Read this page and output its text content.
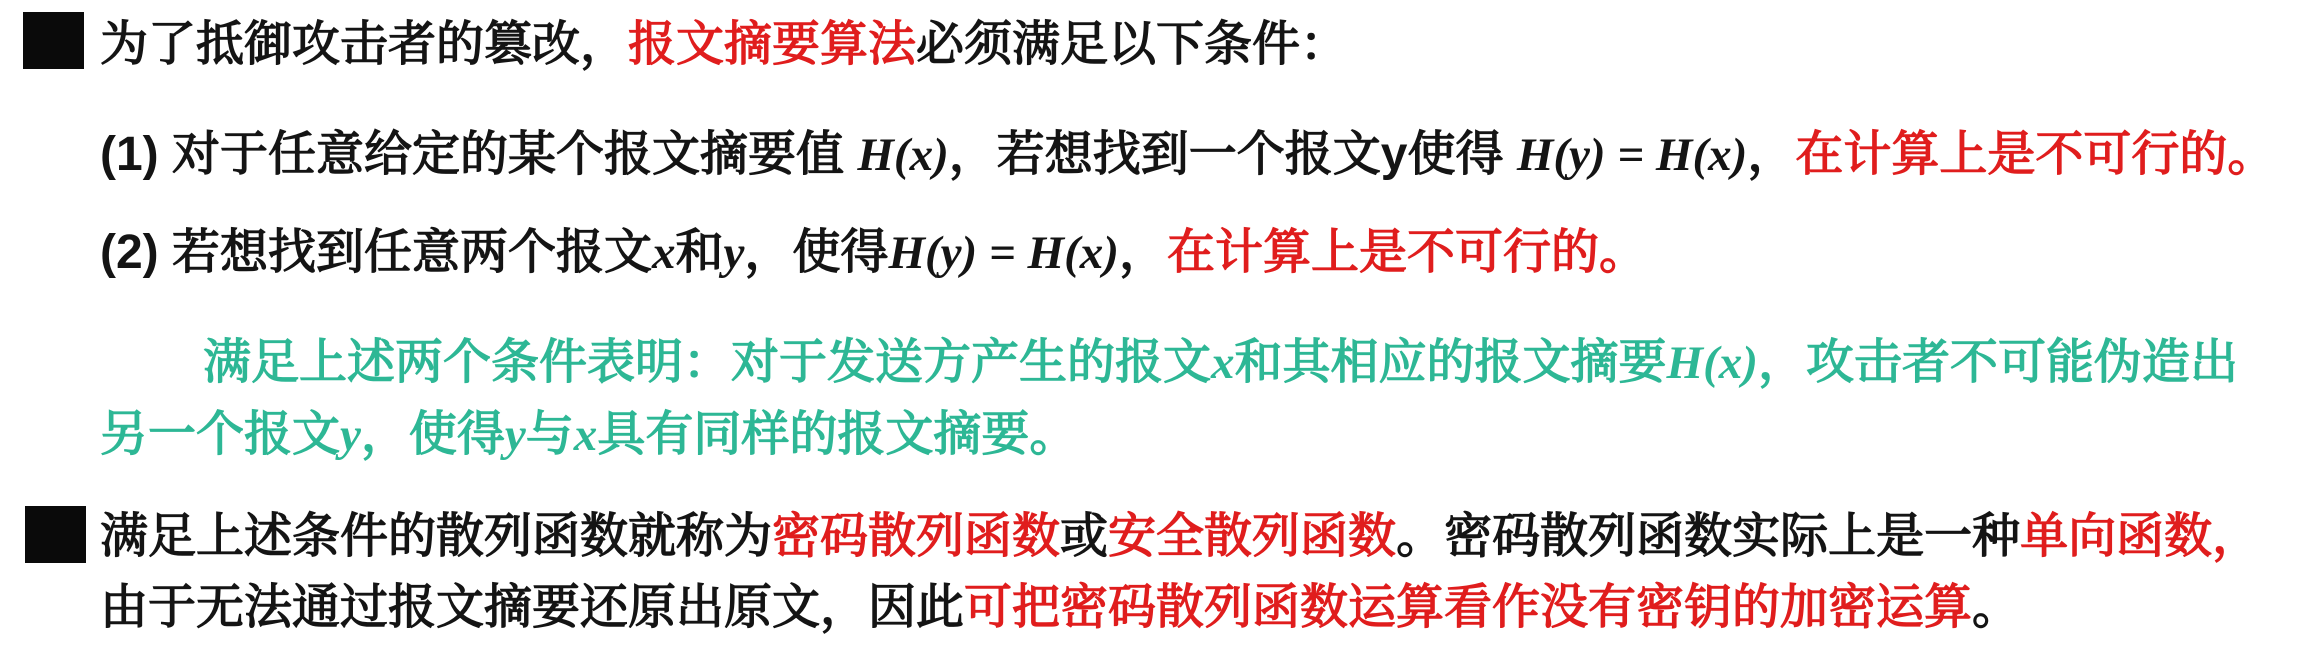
为了抵御攻击者的篡改，报文摘要算法必须满足以下条件：
(1) 对于任意给定的某个报文摘要值 H(x)，若想找到一个报文y使得 H(y) = H(x)，在计算上是不可行的。
(2) 若想找到任意两个报文x和y，使得H(y) = H(x)，在计算上是不可行的。
满足上述两个条件表明：对于发送方产生的报文x和其相应的报文摘要H(x)，攻击者不可能伪造出
另一个报文y，使得y与x具有同样的报文摘要。
满足上述条件的散列函数就称为密码散列函数或安全散列函数。密码散列函数实际上是一种单向函数，
由于无法通过报文摘要还原出原文，因此可把密码散列函数运算看作没有密钥的加密运算。
